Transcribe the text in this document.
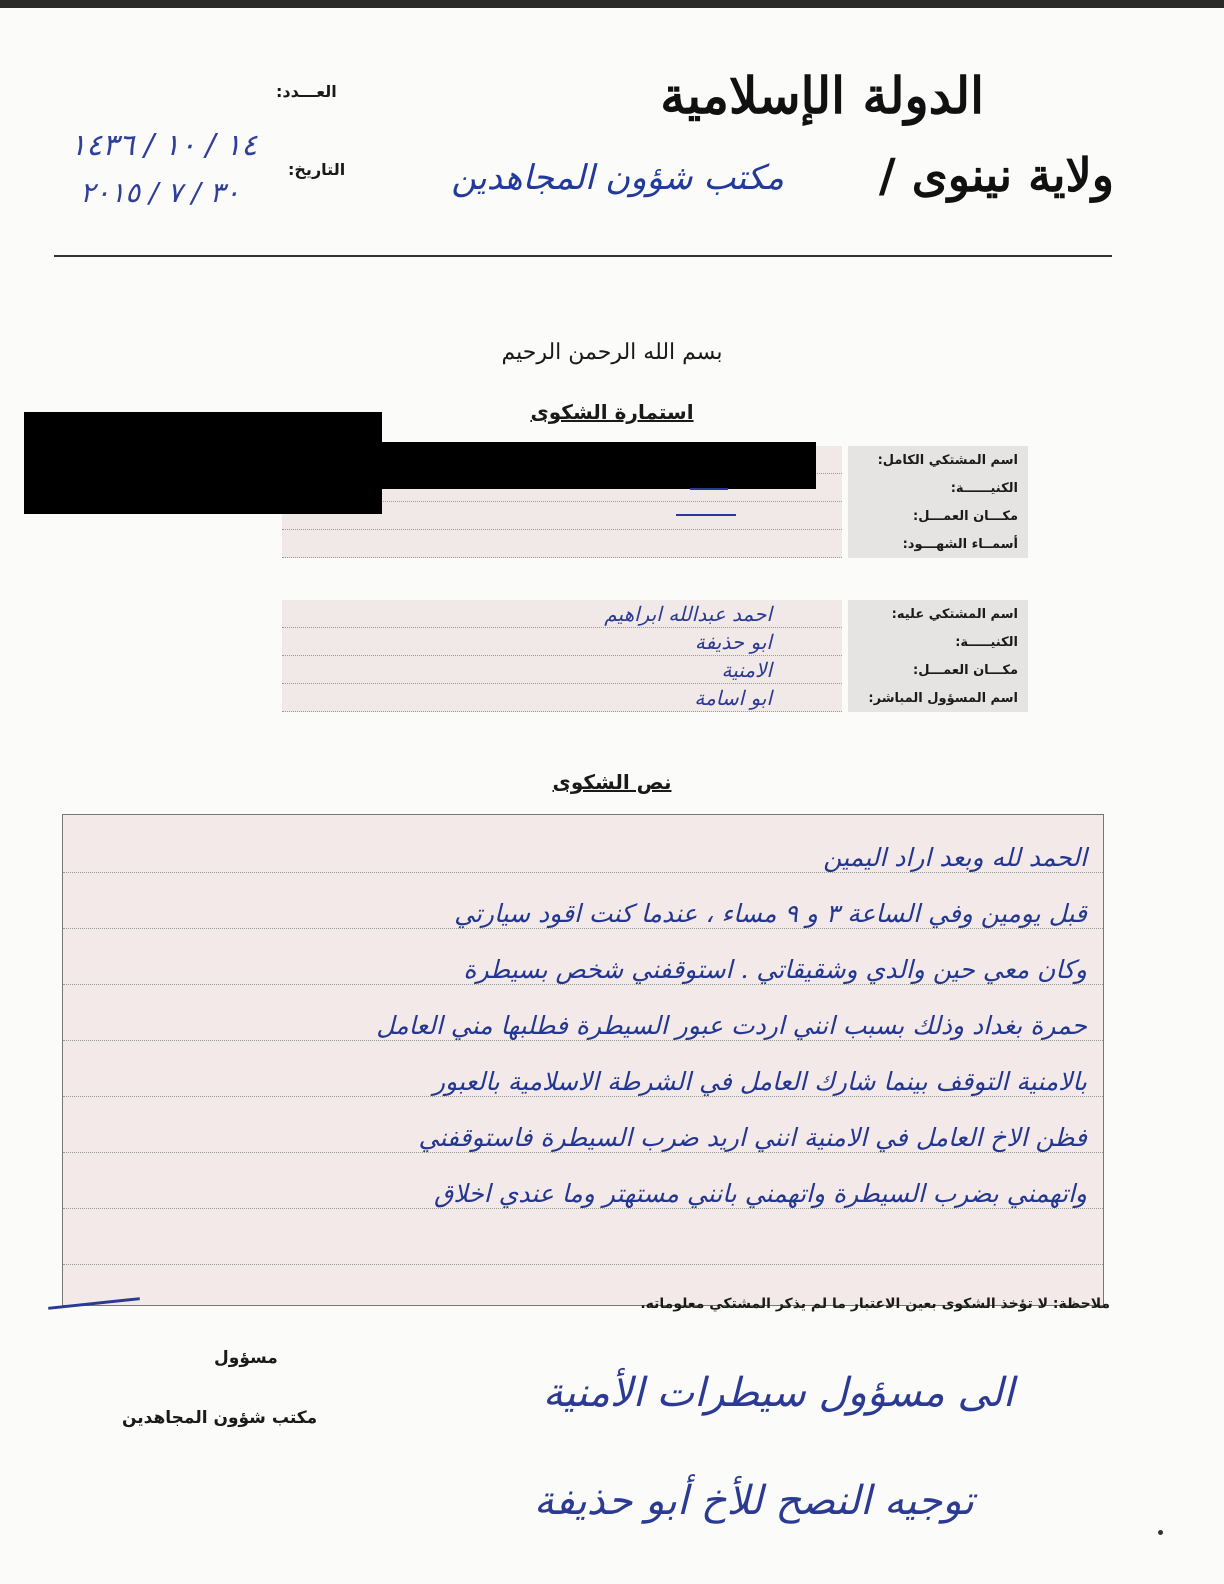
الدولة الإسلامية
ولاية نينوى /
مكتب شؤون المجاهدين
العـــدد:
التاريخ:
١٤ / ١٠ / ١٤٣٦
٣٠ / ٧ / ٢٠١٥
بسم الله الرحمن الرحيم
استمارة الشكوى
اسم المشتكي الكامل:
الكنيــــــة:
مكـــان العمـــل:
أسمــاء الشهـــود:
اسم المشتكي عليه:
الكنيـــــة:
مكـــان العمـــل:
اسم المسؤول المباشر:
احمد عبدالله ابراهيم
ابو حذيفة
الامنية
ابو اسامة
نص الشكوى
الحمد لله وبعد اراد اليمين
قبل يومين وفي الساعة ٣ و ٩ مساء ، عندما كنت اقود سيارتي
وكان معي حين والدي وشقيقاتي . استوقفني شخص بسيطرة
حمرة بغداد وذلك بسبب انني اردت عبور السيطرة فطلبها مني العامل
بالامنية التوقف بينما شارك العامل في الشرطة الاسلامية بالعبور
فظن الاخ العامل في الامنية انني اريد ضرب السيطرة فاستوقفني
واتهمني بضرب السيطرة واتهمني بانني مستهتر وما عندي اخلاق
ملاحظة: لا تؤخذ الشكوى بعين الاعتبار ما لم يذكر المشتكي معلوماته.
مسؤول
مكتب شؤون المجاهدين
الى مسؤول سيطرات الأمنية
توجيه النصح للأخ أبو حذيفة
